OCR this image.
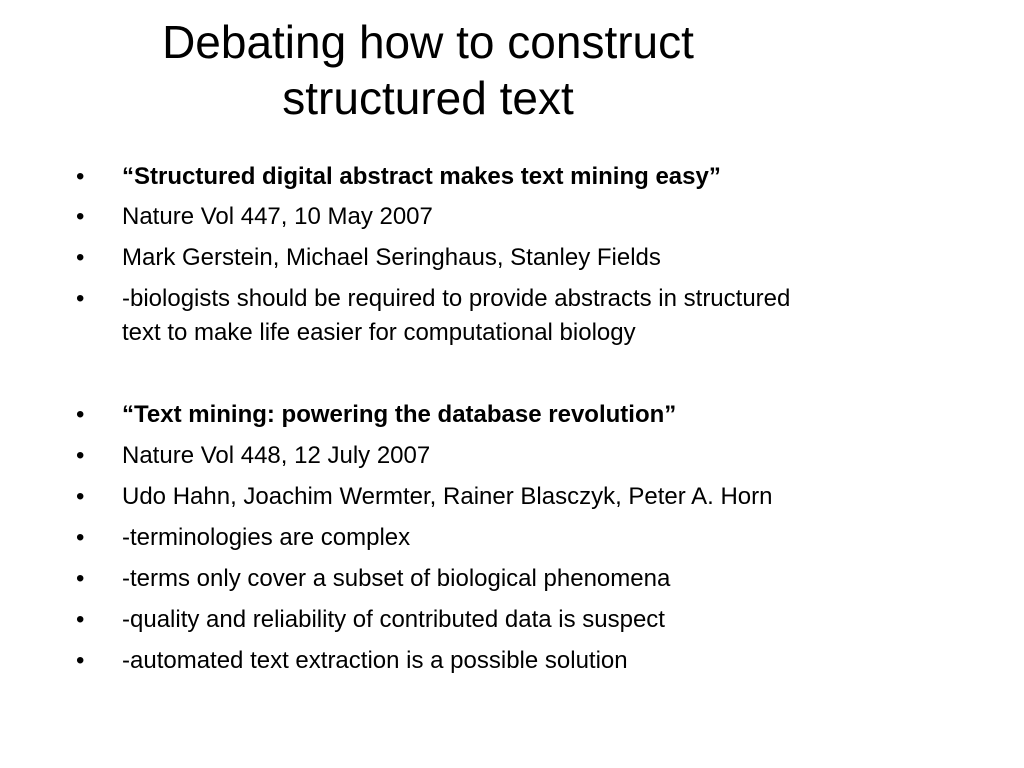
Debating how to construct
structured text
•	“Structured digital abstract makes text mining easy”
•	Nature Vol 447, 10 May 2007
•	Mark Gerstein, Michael Seringhaus, Stanley Fields
•	-biologists should be required to provide abstracts in structured
text to make life easier for computational biology
•	“Text mining: powering the database revolution”
•	Nature Vol 448, 12 July 2007
•	Udo Hahn, Joachim Wermter, Rainer Blasczyk, Peter A. Horn
•	-terminologies are complex
•	-terms only cover a subset of biological phenomena
•	-quality and reliability of contributed data is suspect
•	-automated text extraction is a possible solution
